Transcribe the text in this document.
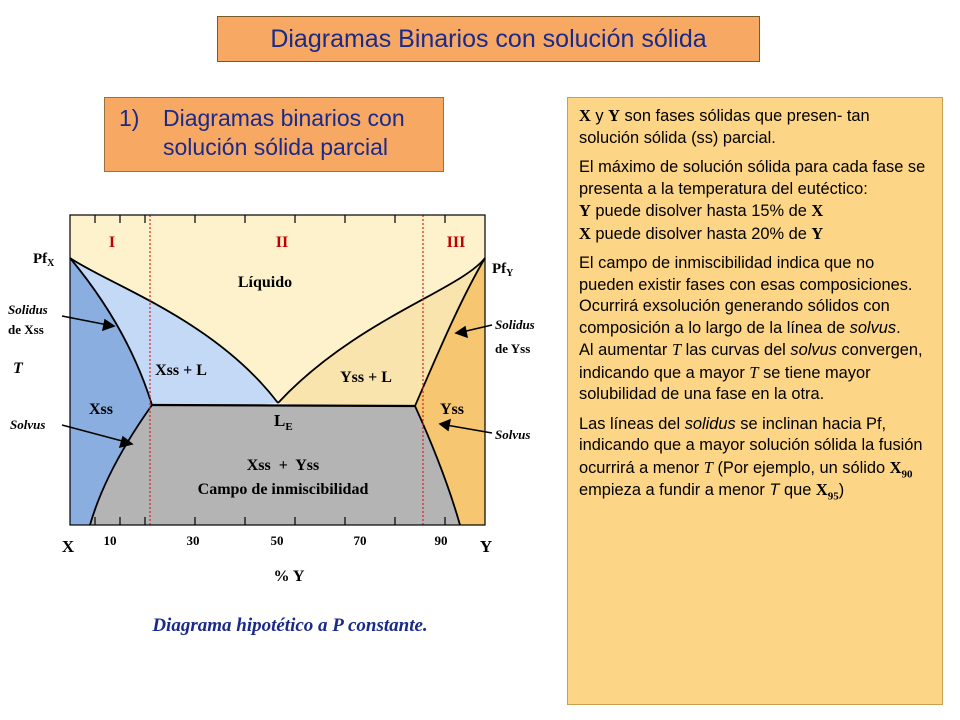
Diagramas Binarios con solución sólida
1) Diagramas binarios con solución sólida parcial
I	II	III
Líquido
Xss + L	Yss + L
Xss	Yss
$L_E$
Xss  +  Yss
Campo de inmiscibilidad
$Pf_X$	$Pf_Y$
Solidus
de Xss
T
Solvus
Solidus
de Yss
Solvus
X	Y
10	30	50	70	90
% Y
Diagrama hipotético a P constante.

X y Y son fases sólidas que presen- tan solución sólida (ss) parcial.

El máximo de solución sólida para cada fase se presenta a la temperatura del eutéctico:
Y puede disolver hasta 15% de X
X puede disolver hasta 20% de Y

El campo de inmiscibilidad indica que no pueden existir fases con esas composiciones. Ocurrirá exsolución generando sólidos con composición a lo largo de la línea de solvus.
Al aumentar T las curvas del solvus convergen, indicando que a mayor T se tiene mayor solubilidad de una fase en la otra.

Las líneas del solidus se inclinan hacia Pf, indicando que a mayor solución sólida la fusión ocurrirá a menor T (Por ejemplo, un sólido $X_{90}$ empieza a fundir a menor T que $X_{95}$)
